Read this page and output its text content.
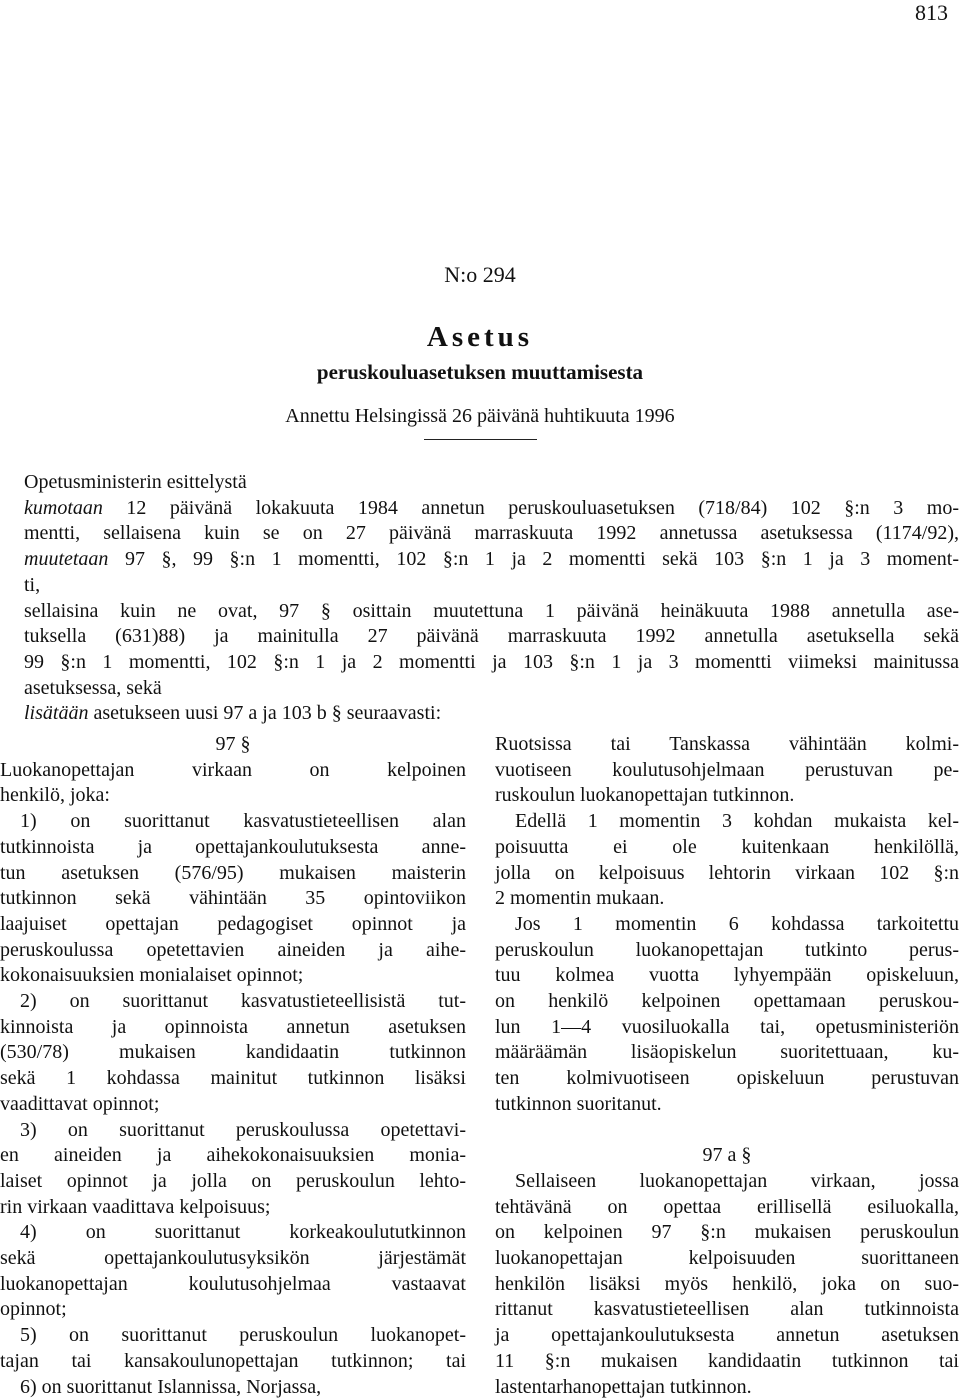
813
N:o 294
Asetus
peruskouluasetuksen muuttamisesta
Annettu Helsingissä 26 päivänä huhtikuuta 1996
Opetusministerin esittelystä
kumotaan 12 päivänä lokakuuta 1984 annetun peruskouluasetuksen (718/84) 102 §:n 3 mo-
mentti, sellaisena kuin se on 27 päivänä marraskuuta 1992 annetussa asetuksessa (1174/92),
muutetaan 97 §, 99 §:n 1 momentti, 102 §:n 1 ja 2 momentti sekä 103 §:n 1 ja 3 moment-
ti,
sellaisina kuin ne ovat, 97 § osittain muutettuna 1 päivänä heinäkuuta 1988 annetulla ase-
tuksella (631)88) ja mainitulla 27 päivänä marraskuuta 1992 annetulla asetuksella sekä
99 §:n 1 momentti, 102 §:n 1 ja 2 momentti ja 103 §:n 1 ja 3 momentti viimeksi mainitussa
asetuksessa, sekä
lisätään asetukseen uusi 97 a ja 103 b § seuraavasti:
97 §
Luokanopettajan virkaan on kelpoinen
henkilö, joka:
1) on suorittanut kasvatustieteellisen alan
tutkinnoista ja opettajankoulutuksesta anne-
tun asetuksen (576/95) mukaisen maisterin
tutkinnon sekä vähintään 35 opintoviikon
laajuiset opettajan pedagogiset opinnot ja
peruskoulussa opetettavien aineiden ja aihe-
kokonaisuuksien monialaiset opinnot;
2) on suorittanut kasvatustieteellisistä tut-
kinnoista ja opinnoista annetun asetuksen
(530/78) mukaisen kandidaatin tutkinnon
sekä 1 kohdassa mainitut tutkinnon lisäksi
vaadittavat opinnot;
3) on suorittanut peruskoulussa opetettavi-
en aineiden ja aihekokonaisuuksien monia-
laiset opinnot ja jolla on peruskoulun lehto-
rin virkaan vaadittava kelpoisuus;
4) on suorittanut korkeakoulututkinnon
sekä opettajankoulutusyksikön järjestämät
luokanopettajan koulutusohjelmaa vastaavat
opinnot;
5) on suorittanut peruskoulun luokanopet-
tajan tai kansakoulunopettajan tutkinnon; tai
6) on suorittanut Islannissa, Norjassa,
Ruotsissa tai Tanskassa vähintään kolmi-
vuotiseen koulutusohjelmaan perustuvan pe-
ruskoulun luokanopettajan tutkinnon.
Edellä 1 momentin 3 kohdan mukaista kel-
poisuutta ei ole kuitenkaan henkilöllä,
jolla on kelpoisuus lehtorin virkaan 102 §:n
2 momentin mukaan.
Jos 1 momentin 6 kohdassa tarkoitettu
peruskoulun luokanopettajan tutkinto perus-
tuu kolmea vuotta lyhyempään opiskeluun,
on henkilö kelpoinen opettamaan peruskou-
lun 1—4 vuosiluokalla tai, opetusministeriön
määräämän lisäopiskelun suoritettuaan, ku-
ten kolmivuotiseen opiskeluun perustuvan
tutkinnon suoritanut.
97 a §
Sellaiseen luokanopettajan virkaan, jossa
tehtävänä on opettaa erillisellä esiluokalla,
on kelpoinen 97 §:n mukaisen peruskoulun
luokanopettajan kelpoisuuden suorittaneen
henkilön lisäksi myös henkilö, joka on suo-
rittanut kasvatustieteellisen alan tutkinnoista
ja opettajankoulutuksesta annetun asetuksen
11 §:n mukaisen kandidaatin tutkinnon tai
lastentarhanopettajan tutkinnon.
